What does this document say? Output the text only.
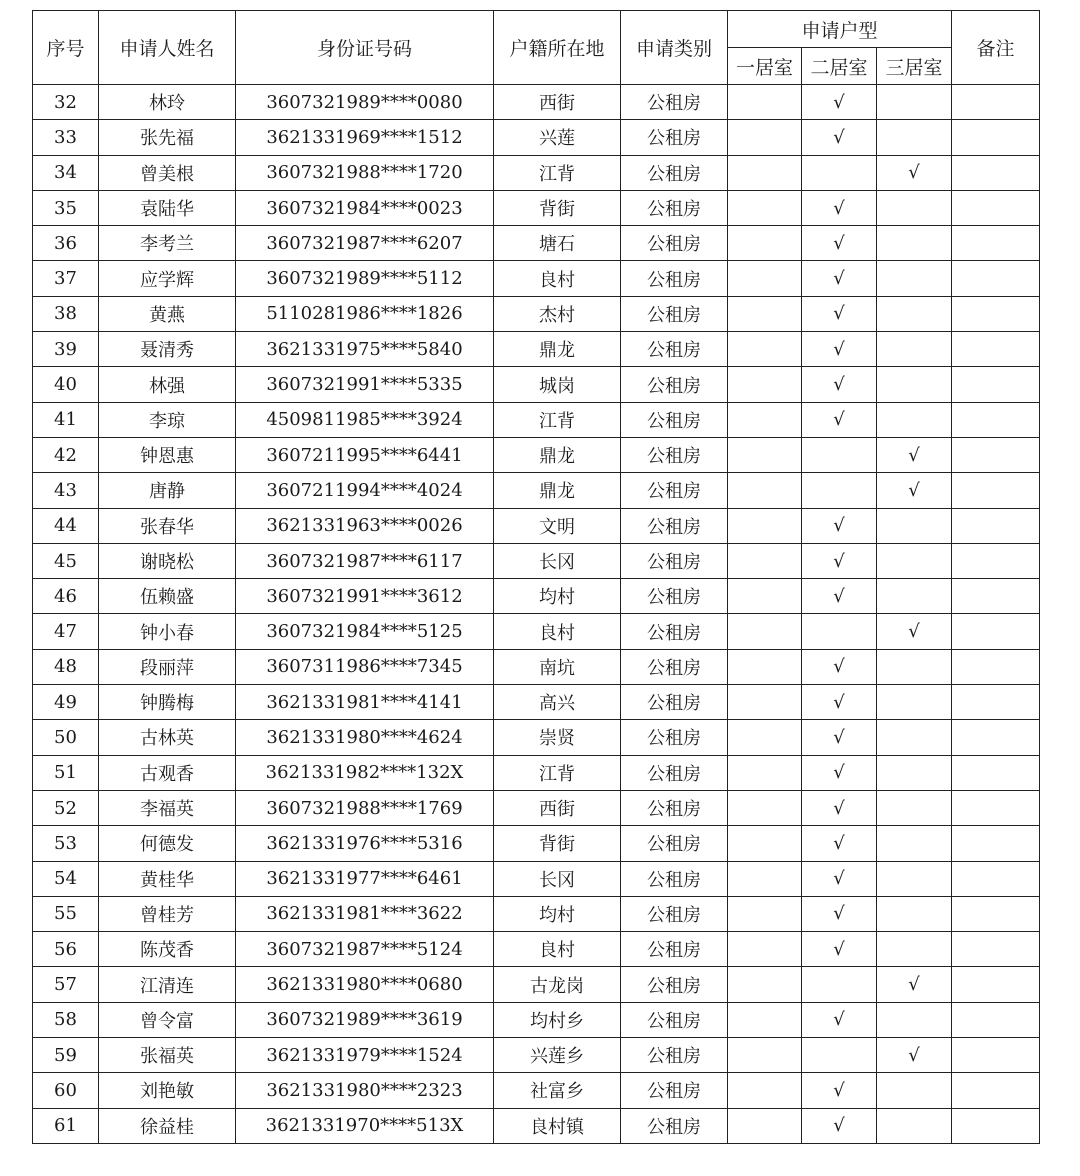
序号	申请人姓名	身份证号码	户籍所在地	申请类别	申请户型			备注
					一居室	二居室	三居室	
32	林玲	3607321989****0080	西街	公租房		√		
33	张先福	3621331969****1512	兴莲	公租房		√		
34	曾美根	3607321988****1720	江背	公租房			√	
35	袁陆华	3607321984****0023	背街	公租房		√		
36	李考兰	3607321987****6207	塘石	公租房		√		
37	应学辉	3607321989****5112	良村	公租房		√		
38	黄燕	5110281986****1826	杰村	公租房		√		
39	聂清秀	3621331975****5840	鼎龙	公租房		√		
40	林强	3607321991****5335	城岗	公租房		√		
41	李琼	4509811985****3924	江背	公租房		√		
42	钟恩惠	3607211995****6441	鼎龙	公租房			√	
43	唐静	3607211994****4024	鼎龙	公租房			√	
44	张春华	3621331963****0026	文明	公租房		√		
45	谢晓松	3607321987****6117	长冈	公租房		√		
46	伍赖盛	3607321991****3612	均村	公租房		√		
47	钟小春	3607321984****5125	良村	公租房			√	
48	段丽萍	3607311986****7345	南坑	公租房		√		
49	钟腾梅	3621331981****4141	高兴	公租房		√		
50	古林英	3621331980****4624	崇贤	公租房		√		
51	古观香	3621331982****132X	江背	公租房		√		
52	李福英	3607321988****1769	西街	公租房		√		
53	何德发	3621331976****5316	背街	公租房		√		
54	黄桂华	3621331977****6461	长冈	公租房		√		
55	曾桂芳	3621331981****3622	均村	公租房		√		
56	陈茂香	3607321987****5124	良村	公租房		√		
57	江清连	3621331980****0680	古龙岗	公租房			√	
58	曾令富	3607321989****3619	均村乡	公租房		√		
59	张福英	3621331979****1524	兴莲乡	公租房			√	
60	刘艳敏	3621331980****2323	社富乡	公租房		√		
61	徐益桂	3621331970****513X	良村镇	公租房		√		
